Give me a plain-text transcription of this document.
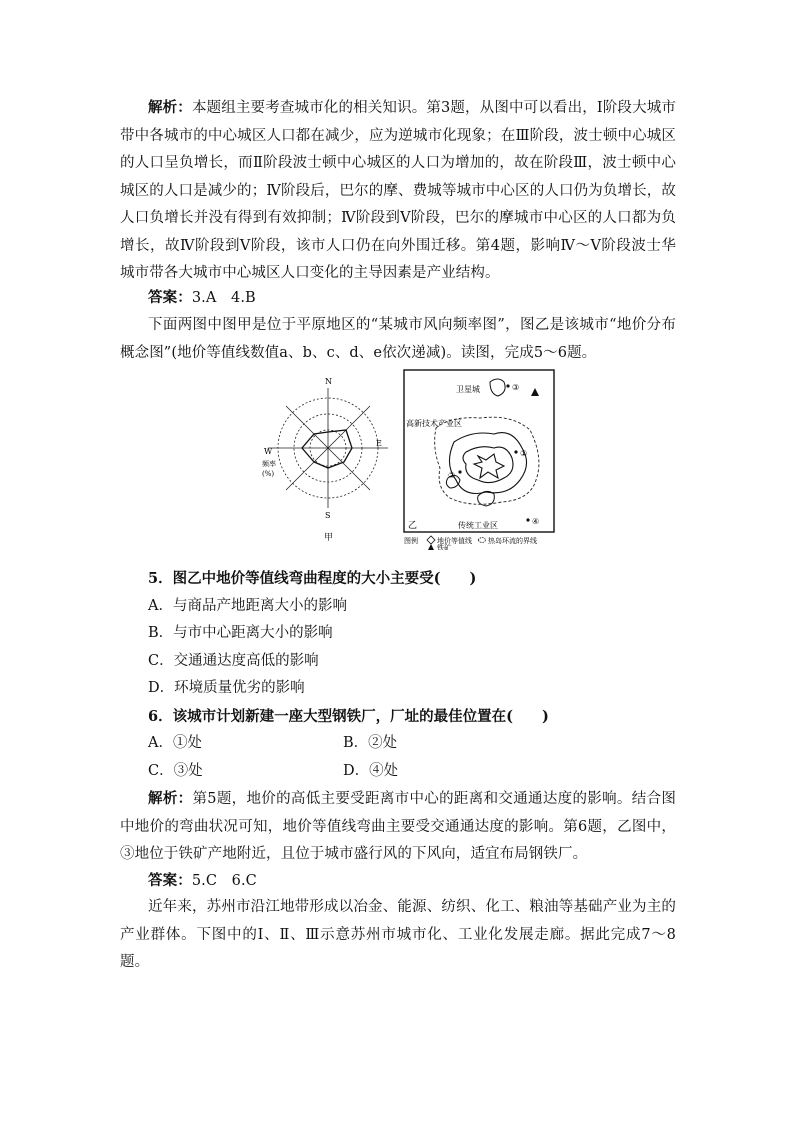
解析：本题组主要考查城市化的相关知识。第3题，从图中可以看出，Ⅰ阶段大城市带中各城市的中心城区人口都在减少，应为逆城市化现象；在Ⅲ阶段，波士顿中心城区的人口呈负增长，而Ⅱ阶段波士顿中心城区的人口为增加的，故在阶段Ⅲ，波士顿中心城区的人口是减少的；Ⅳ阶段后，巴尔的摩、费城等城市中心区的人口仍为负增长，故人口负增长并没有得到有效抑制；Ⅳ阶段到Ⅴ阶段，巴尔的摩城市中心区的人口都为负增长，故Ⅳ阶段到Ⅴ阶段，该市人口仍在向外围迁移。第4题，影响Ⅳ～Ⅴ阶段波士华城市带各大城市中心城区人口变化的主导因素是产业结构。
答案：3.A　4.B
下面两图中图甲是位于平原地区的“某城市风向频率图”，图乙是该城市“地价分布概念图”(地价等值线数值a、b、c、d、e依次递减)。读图，完成5～6题。
N
S
E
W
频率
(%)
甲
①
②
③
④
卫星城
高新技术产业区
传统工业区
乙
图例	地价等值线 热岛环流的界线
铁矿
5．图乙中地价等值线弯曲程度的大小主要受(　　)
A．与商品产地距离大小的影响
B．与市中心距离大小的影响
C．交通通达度高低的影响
D．环境质量优劣的影响
6．该城市计划新建一座大型钢铁厂，厂址的最佳位置在(　　)
A．①处	B．②处
C．③处	D．④处
解析：第5题，地价的高低主要受距离市中心的距离和交通通达度的影响。结合图中地价的弯曲状况可知，地价等值线弯曲主要受交通通达度的影响。第6题，乙图中，③地位于铁矿产地附近，且位于城市盛行风的下风向，适宜布局钢铁厂。
答案：5.C　6.C
近年来，苏州市沿江地带形成以冶金、能源、纺织、化工、粮油等基础产业为主的产业群体。下图中的Ⅰ、Ⅱ、Ⅲ示意苏州市城市化、工业化发展走廊。据此完成7～8题。
